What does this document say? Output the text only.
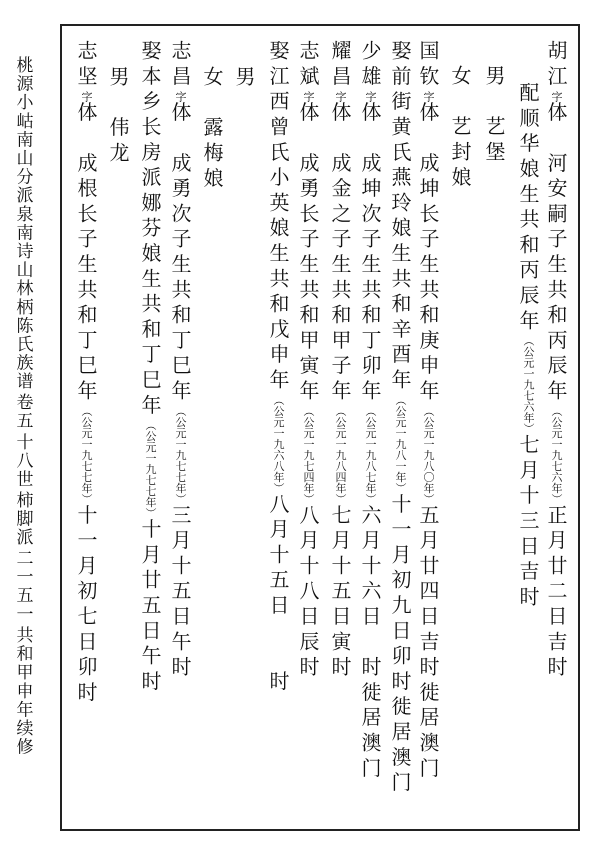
桃源小岵南山分派泉南诗山林柄陈氏族谱
卷五
十八世
柿脚派
二一五一
共和甲申年续修
胡江字体　河安嗣子生共和丙辰年（公元一九七六年）正月廿二日吉时
配顺华娘生共和丙辰年（公元一九七六年）七月十三日吉时
男　艺堡
女　艺封娘
国钦字体　成坤长子生共和庚申年（公元一九八〇年）五月廿四日吉时徙居澳门
娶前街黄氏燕玲娘生共和辛酉年（公元一九八一年）十一月初九日卯时徙居澳门
少雄字体　成坤次子生共和丁卯年（公元一九八七年）六月十六日　时徙居澳门
耀昌字体　成金之子生共和甲子年（公元一九八四年）七月十五日寅时
志斌字体　成勇长子生共和甲寅年（公元一九七四年）八月十八日辰时
娶江西曾氏小英娘生共和戊申年（公元一九六八年）八月十五日　　时
男
女　露梅娘
志昌字体　成勇次子生共和丁巳年（公元一九七七年）三月十五日午时
娶本乡长房派娜芬娘生共和丁巳年（公元一九七七年）十月廿五日午时
男　伟龙
志坚字体　成根长子生共和丁巳年（公元一九七七年）十一月初七日卯时
